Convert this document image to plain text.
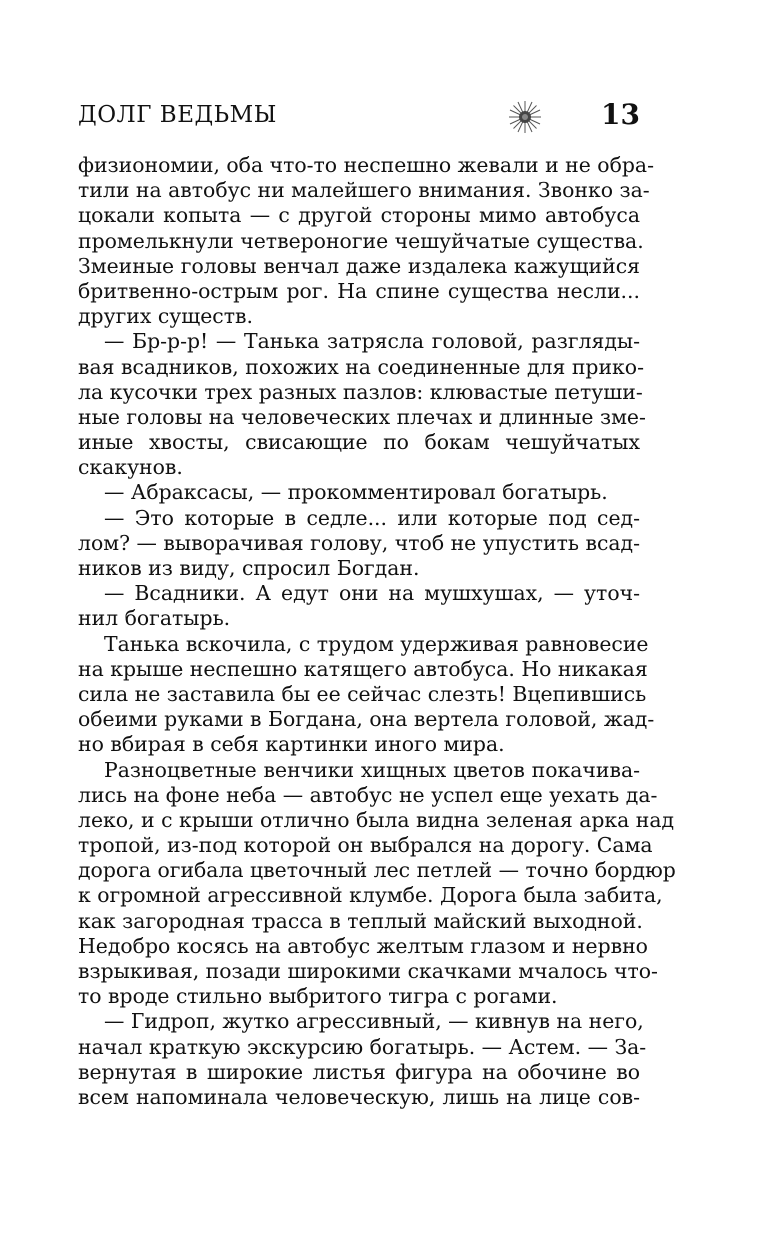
ДОЛГ ВЕДЬМЫ	13
физиономии, оба что-то неспешно жевали и не обра-
тили на автобус ни малейшего внимания. Звонко за-
цокали копыта — с другой стороны мимо автобуса
промелькнули четвероногие чешуйчатые существа.
Змеиные головы венчал даже издалека кажущийся
бритвенно-острым рог. На спине существа несли...
других существ.
— Бр-р-р! — Танька затрясла головой, разгляды-
вая всадников, похожих на соединенные для прико-
ла кусочки трех разных пазлов: клювастые петуши-
ные головы на человеческих плечах и длинные зме-
иные хвосты, свисающие по бокам чешуйчатых
скакунов.
— Абраксасы, — прокомментировал богатырь.
— Это которые в седле... или которые под сед-
лом? — выворачивая голову, чтоб не упустить всад-
ников из виду, спросил Богдан.
— Всадники. А едут они на мушхушах, — уточ-
нил богатырь.
Танька вскочила, с трудом удерживая равновесие
на крыше неспешно катящего автобуса. Но никакая
сила не заставила бы ее сейчас слезть! Вцепившись
обеими руками в Богдана, она вертела головой, жад-
но вбирая в себя картинки иного мира.
Разноцветные венчики хищных цветов покачива-
лись на фоне неба — автобус не успел еще уехать да-
леко, и с крыши отлично была видна зеленая арка над
тропой, из-под которой он выбрался на дорогу. Сама
дорога огибала цветочный лес петлей — точно бордюр
к огромной агрессивной клумбе. Дорога была забита,
как загородная трасса в теплый майский выходной.
Недобро косясь на автобус желтым глазом и нервно
взрыкивая, позади широкими скачками мчалось что-
то вроде стильно выбритого тигра с рогами.
— Гидроп, жутко агрессивный, — кивнув на него,
начал краткую экскурсию богатырь. — Астем. — За-
вернутая в широкие листья фигура на обочине во
всем напоминала человеческую, лишь на лице сов-
